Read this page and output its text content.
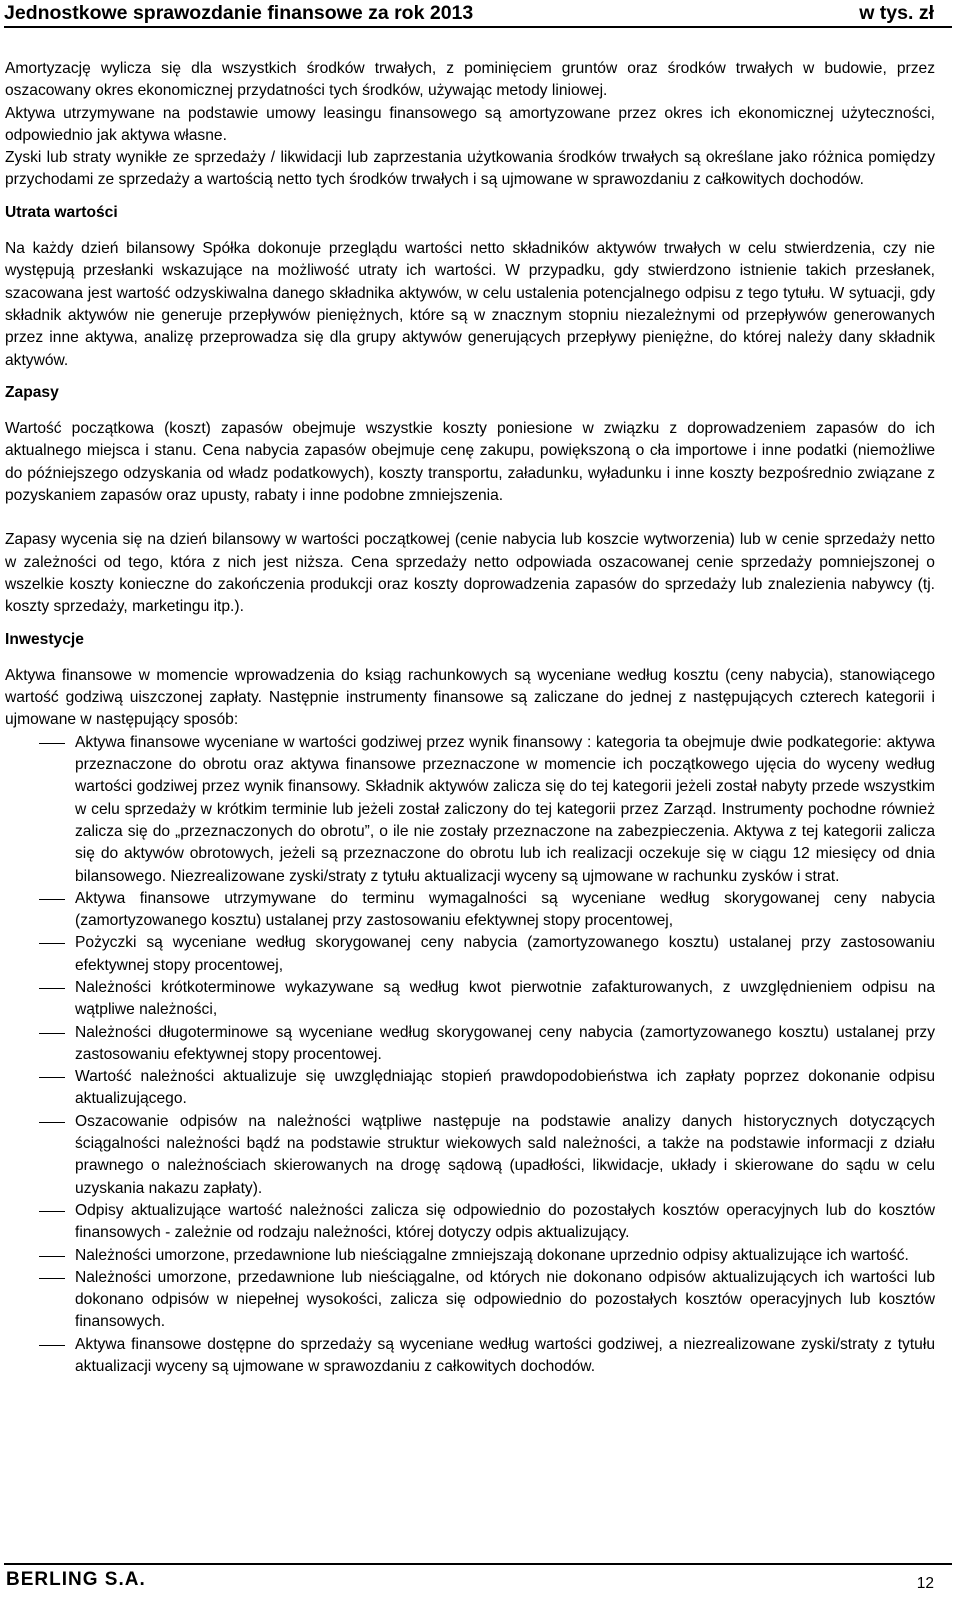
Jednostkowe sprawozdanie finansowe za rok 2013	w tys. zł

Amortyzację wylicza się dla wszystkich środków trwałych, z pominięciem gruntów oraz środków trwałych w budowie, przez oszacowany okres ekonomicznej przydatności tych środków, używając metody liniowej.

Aktywa utrzymywane na podstawie umowy leasingu finansowego są amortyzowane przez okres ich ekonomicznej użyteczności, odpowiednio jak aktywa własne.

Zyski lub straty wynikłe ze sprzedaży / likwidacji lub zaprzestania użytkowania środków trwałych są określane jako różnica pomiędzy przychodami ze sprzedaży a wartością netto tych środków trwałych i są ujmowane w sprawozdaniu z całkowitych dochodów.

Utrata wartości

Na każdy dzień bilansowy Spółka dokonuje przeglądu wartości netto składników aktywów trwałych w celu stwierdzenia, czy nie występują przesłanki wskazujące na możliwość utraty ich wartości. W przypadku, gdy stwierdzono istnienie takich przesłanek, szacowana jest wartość odzyskiwalna danego składnika aktywów, w celu ustalenia potencjalnego odpisu z tego tytułu. W sytuacji, gdy składnik aktywów nie generuje przepływów pieniężnych, które są w znacznym stopniu niezależnymi od przepływów generowanych przez inne aktywa, analizę przeprowadza się dla grupy aktywów generujących przepływy pieniężne, do której należy dany składnik aktywów.

Zapasy

Wartość początkowa (koszt) zapasów obejmuje wszystkie koszty poniesione w związku z doprowadzeniem zapasów do ich aktualnego miejsca i stanu. Cena nabycia zapasów obejmuje cenę zakupu, powiększoną o cła importowe i inne podatki (niemożliwe do późniejszego odzyskania od władz podatkowych), koszty transportu, załadunku, wyładunku i inne koszty bezpośrednio związane z pozyskaniem zapasów oraz upusty, rabaty i inne podobne zmniejszenia.

Zapasy wycenia się na dzień bilansowy w wartości początkowej (cenie nabycia lub koszcie wytworzenia) lub w cenie sprzedaży netto w zależności od tego, która z nich jest niższa. Cena sprzedaży netto odpowiada oszacowanej cenie sprzedaży pomniejszonej o wszelkie koszty konieczne do zakończenia produkcji oraz koszty doprowadzenia zapasów do sprzedaży lub znalezienia nabywcy (tj. koszty sprzedaży, marketingu itp.).

Inwestycje

Aktywa finansowe w momencie wprowadzenia do ksiąg rachunkowych są wyceniane według kosztu (ceny nabycia), stanowiącego wartość godziwą uiszczonej zapłaty. Następnie instrumenty finansowe są zaliczane do jednej z następujących czterech kategorii i ujmowane w następujący sposób:

Aktywa finansowe wyceniane w wartości godziwej przez wynik finansowy : kategoria ta obejmuje dwie podkategorie: aktywa przeznaczone do obrotu oraz aktywa finansowe przeznaczone w momencie ich początkowego ujęcia do wyceny według wartości godziwej przez wynik finansowy. Składnik aktywów zalicza się do tej kategorii jeżeli został nabyty przede wszystkim w celu sprzedaży w krótkim terminie lub jeżeli został zaliczony do tej kategorii przez Zarząd. Instrumenty pochodne również zalicza się do „przeznaczonych do obrotu”, o ile nie zostały przeznaczone na zabezpieczenia. Aktywa z tej kategorii zalicza się do aktywów obrotowych, jeżeli są przeznaczone do obrotu lub ich realizacji oczekuje się w ciągu 12 miesięcy od dnia bilansowego. Niezrealizowane zyski/straty z tytułu aktualizacji wyceny są ujmowane w rachunku zysków i strat.
Aktywa finansowe utrzymywane do terminu wymagalności są wyceniane według skorygowanej ceny nabycia (zamortyzowanego kosztu) ustalanej przy zastosowaniu efektywnej stopy procentowej,
Pożyczki są wyceniane według skorygowanej ceny nabycia (zamortyzowanego kosztu) ustalanej przy zastosowaniu efektywnej stopy procentowej,
Należności krótkoterminowe wykazywane są według kwot pierwotnie zafakturowanych, z uwzględnieniem odpisu na wątpliwe należności,
Należności długoterminowe są wyceniane według skorygowanej ceny nabycia (zamortyzowanego kosztu) ustalanej przy zastosowaniu efektywnej stopy procentowej.
Wartość należności aktualizuje się uwzględniając stopień prawdopodobieństwa ich zapłaty poprzez dokonanie odpisu aktualizującego.
Oszacowanie odpisów na należności wątpliwe następuje na podstawie analizy danych historycznych dotyczących ściągalności należności bądź na podstawie struktur wiekowych sald należności, a także na podstawie informacji z działu prawnego o należnościach skierowanych na drogę sądową (upadłości, likwidacje, układy i skierowane do sądu w celu uzyskania nakazu zapłaty).
Odpisy aktualizujące wartość należności zalicza się odpowiednio do pozostałych kosztów operacyjnych lub do kosztów finansowych - zależnie od rodzaju należności, której dotyczy odpis aktualizujący.
Należności umorzone, przedawnione lub nieściągalne zmniejszają dokonane uprzednio odpisy aktualizujące ich wartość.
Należności umorzone, przedawnione lub nieściągalne, od których nie dokonano odpisów aktualizujących ich wartości lub dokonano odpisów w niepełnej wysokości, zalicza się odpowiednio do pozostałych kosztów operacyjnych lub kosztów finansowych.
Aktywa finansowe dostępne do sprzedaży są wyceniane według wartości godziwej, a niezrealizowane zyski/straty z tytułu aktualizacji wyceny są ujmowane w sprawozdaniu z całkowitych dochodów.
BERLING S.A.	12
